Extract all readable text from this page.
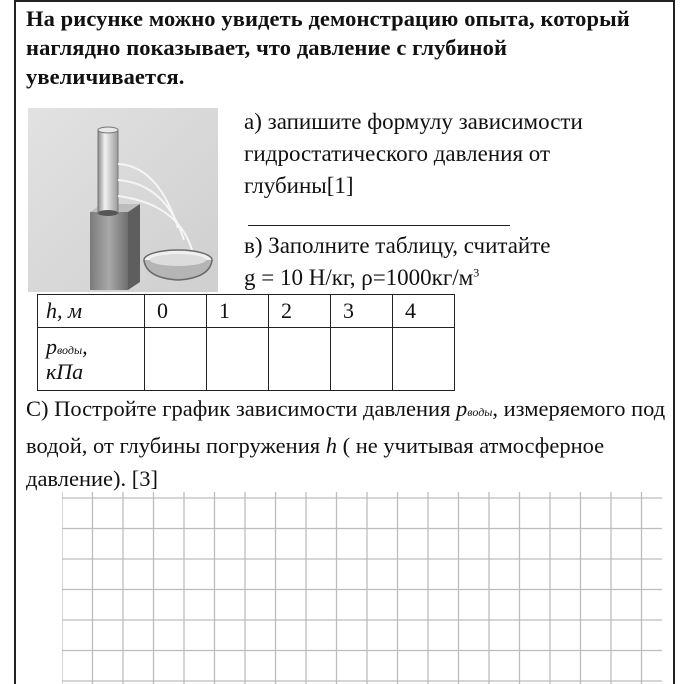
На рисунке можно увидеть демонстрацию опыта, который наглядно показывает, что давление с глубиной увеличивается.
а) запишите формулу зависимости
гидростатического давления от
глубины[1]
в) Заполните таблицу, считайте
g = 10 Н/кг, $\rho=1000кг/м^3$
h, м	0	1	2	3	4

pводы,
кПа					

С) Постройте график зависимости давления pводы, измеряемого под водой, от глубины погружения h ( не учитывая атмосферное давление). [3]
